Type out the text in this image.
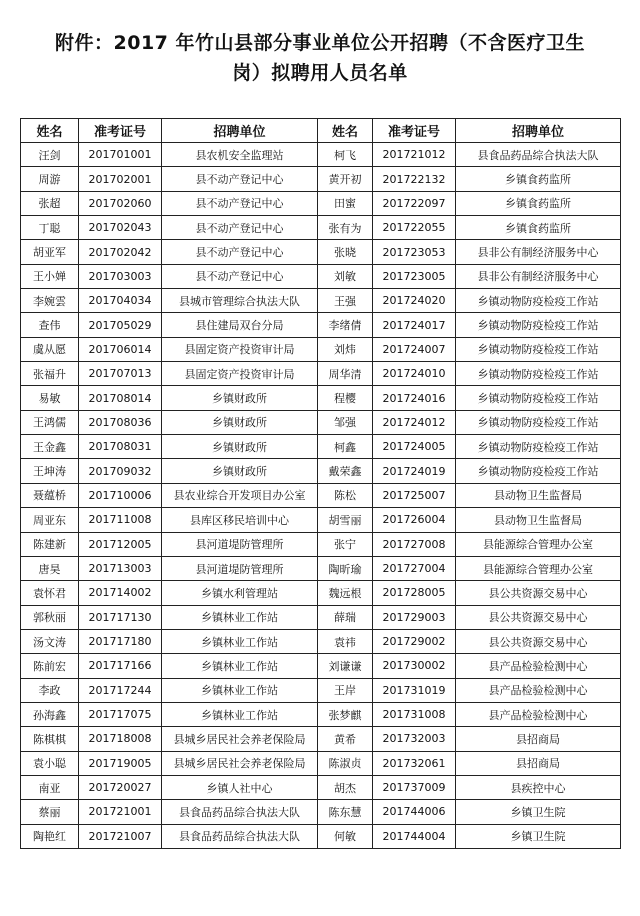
附件：2017 年竹山县部分事业单位公开招聘（不含医疗卫生
岗）拟聘用人员名单
姓名	准考证号	招聘单位	姓名	准考证号	招聘单位
汪剑	201701001	县农机安全监理站	柯飞	201721012	县食品药品综合执法大队
周游	201702001	县不动产登记中心	黄开初	201722132	乡镇食药监所
张超	201702060	县不动产登记中心	田蜜	201722097	乡镇食药监所
丁聪	201702043	县不动产登记中心	张有为	201722055	乡镇食药监所
胡亚军	201702042	县不动产登记中心	张晓	201723053	县非公有制经济服务中心
王小婵	201703003	县不动产登记中心	刘敏	201723005	县非公有制经济服务中心
李婉雲	201704034	县城市管理综合执法大队	王强	201724020	乡镇动物防疫检疫工作站
查伟	201705029	县住建局双台分局	李绪倩	201724017	乡镇动物防疫检疫工作站
虞从愿	201706014	县固定资产投资审计局	刘炜	201724007	乡镇动物防疫检疫工作站
张福升	201707013	县固定资产投资审计局	周华清	201724010	乡镇动物防疫检疫工作站
易敏	201708014	乡镇财政所	程樱	201724016	乡镇动物防疫检疫工作站
王鸿儒	201708036	乡镇财政所	邹强	201724012	乡镇动物防疫检疫工作站
王金鑫	201708031	乡镇财政所	柯鑫	201724005	乡镇动物防疫检疫工作站
王坤涛	201709032	乡镇财政所	戴荣鑫	201724019	乡镇动物防疫检疫工作站
聂蕴桥	201710006	县农业综合开发项目办公室	陈松	201725007	县动物卫生监督局
周亚东	201711008	县库区移民培训中心	胡雪丽	201726004	县动物卫生监督局
陈建新	201712005	县河道堤防管理所	张宁	201727008	县能源综合管理办公室
唐昊	201713003	县河道堤防管理所	陶昕瑜	201727004	县能源综合管理办公室
袁怀君	201714002	乡镇水利管理站	魏远根	201728005	县公共资源交易中心
郭秋丽	201717130	乡镇林业工作站	薛瑞	201729003	县公共资源交易中心
汤文涛	201717180	乡镇林业工作站	袁祎	201729002	县公共资源交易中心
陈前宏	201717166	乡镇林业工作站	刘谦谦	201730002	县产品检验检测中心
李政	201717244	乡镇林业工作站	王岸	201731019	县产品检验检测中心
孙海鑫	201717075	乡镇林业工作站	张梦麒	201731008	县产品检验检测中心
陈棋棋	201718008	县城乡居民社会养老保险局	黄希	201732003	县招商局
袁小聪	201719005	县城乡居民社会养老保险局	陈淑贞	201732061	县招商局
南亚	201720027	乡镇人社中心	胡杰	201737009	县疾控中心
蔡丽	201721001	县食品药品综合执法大队	陈东慧	201744006	乡镇卫生院
陶艳红	201721007	县食品药品综合执法大队	何敏	201744004	乡镇卫生院
